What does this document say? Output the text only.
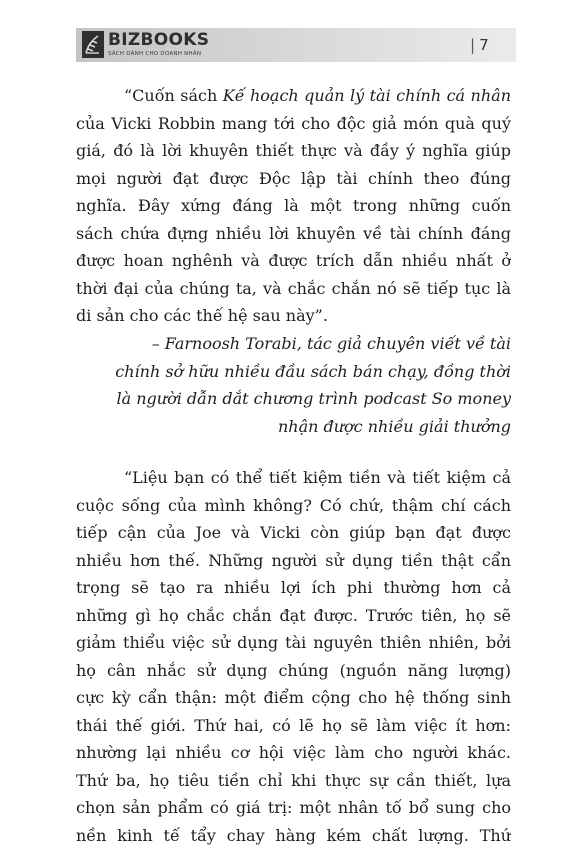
BIZBOOKS
SÁCH DÀNH CHO DOANH NHÂN	| 7
“Cuốn sách Kế hoạch quản lý tài chính cá nhân
của Vicki Robbin mang tới cho độc giả món quà quý
giá, đó là lời khuyên thiết thực và đầy ý nghĩa giúp
mọi người đạt được Độc lập tài chính theo đúng
nghĩa. Đây xứng đáng là một trong những cuốn
sách chứa đựng nhiều lời khuyên về tài chính đáng
được hoan nghênh và được trích dẫn nhiều nhất ở
thời đại của chúng ta, và chắc chắn nó sẽ tiếp tục là
di sản cho các thế hệ sau này”.
– Farnoosh Torabi, tác giả chuyên viết về tài
chính sở hữu nhiều đầu sách bán chạy, đồng thời
là người dẫn dắt chương trình podcast So money
nhận được nhiều giải thưởng
“Liệu bạn có thể tiết kiệm tiền và tiết kiệm cả
cuộc sống của mình không? Có chứ, thậm chí cách
tiếp cận của Joe và Vicki còn giúp bạn đạt được
nhiều hơn thế. Những người sử dụng tiền thật cẩn
trọng sẽ tạo ra nhiều lợi ích phi thường hơn cả
những gì họ chắc chắn đạt được. Trước tiên, họ sẽ
giảm thiểu việc sử dụng tài nguyên thiên nhiên, bởi
họ cân nhắc sử dụng chúng (nguồn năng lượng)
cực kỳ cẩn thận: một điểm cộng cho hệ thống sinh
thái thế giới. Thứ hai, có lẽ họ sẽ làm việc ít hơn:
nhường lại nhiều cơ hội việc làm cho người khác.
Thứ ba, họ tiêu tiền chỉ khi thực sự cần thiết, lựa
chọn sản phẩm có giá trị: một nhân tố bổ sung cho
nền kinh tế tẩy chay hàng kém chất lượng. Thứ
